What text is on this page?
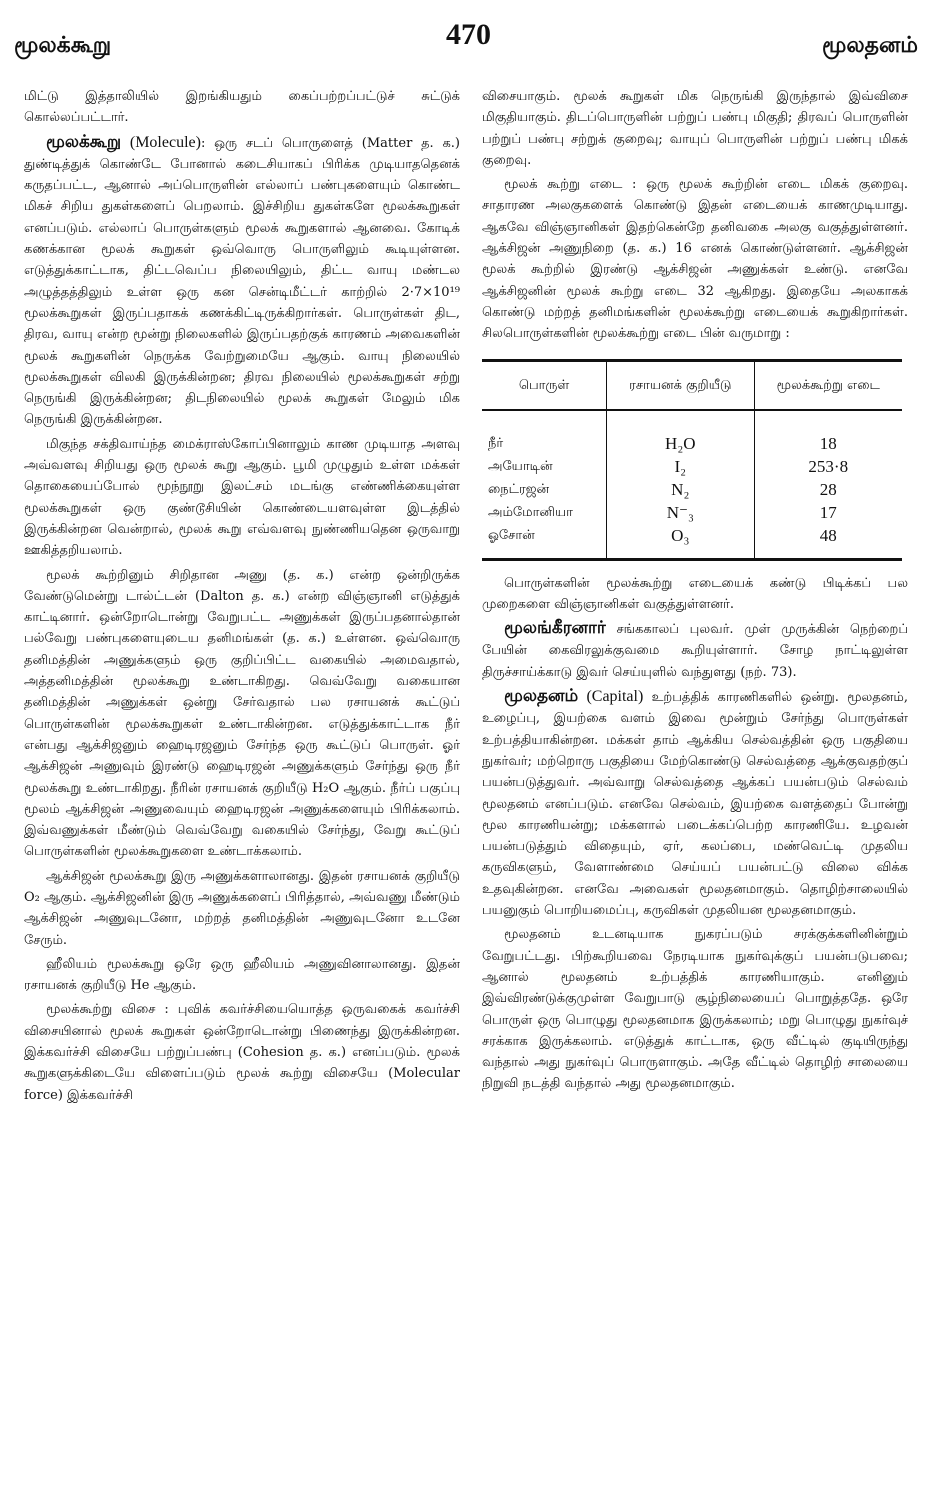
மூலக்கூறு	470	மூலதனம்

மிட்டு இத்தாலியில் இறங்கியதும் கைப்பற்றப்பட்டுச் சுட்டுக் கொல்லப்பட்டார்.

மூலக்கூறு (Molecule): ஒரு சடப் பொருளைத் (Matter த. க.) துண்டித்துக் கொண்டே போனால் கடைசியாகப் பிரிக்க முடியாததெனக் கருதப்பட்ட, ஆனால் அப்பொருளின் எல்லாப் பண்புகளையும் கொண்ட மிகச் சிறிய துகள்களைப் பெறலாம். இச்சிறிய துகள்களே மூலக்கூறுகள் எனப்படும். எல்லாப் பொருள்களும் மூலக் கூறுகளால் ஆனவை. கோடிக் கணக்கான மூலக் கூறுகள் ஒவ்வொரு பொருளிலும் கூடியுள்ளன. எடுத்துக்காட்டாக, திட்டவெப்ப நிலையிலும், திட்ட வாயு மண்டல அழுத்தத்திலும் உள்ள ஒரு கன சென்டிமீட்டர் காற்றில் 2·7×10¹⁹ மூலக்கூறுகள் இருப்பதாகக் கணக்கிட்டிருக்கிறார்கள். பொருள்கள் திட, திரவ, வாயு என்ற மூன்று நிலைகளில் இருப்பதற்குக் காரணம் அவைகளின் மூலக் கூறுகளின் நெருக்க வேற்றுமையே ஆகும். வாயு நிலையில் மூலக்கூறுகள் விலகி இருக்கின்றன; திரவ நிலையில் மூலக்கூறுகள் சற்று நெருங்கி இருக்கின்றன; திடநிலையில் மூலக் கூறுகள் மேலும் மிக நெருங்கி இருக்கின்றன.

மிகுந்த சக்திவாய்ந்த மைக்ராஸ்கோப்பினாலும் காண முடியாத அளவு அவ்வளவு சிறியது ஒரு மூலக் கூறு ஆகும். பூமி முழுதும் உள்ள மக்கள் தொகையைப்போல் மூந்நூறு இலட்சம் மடங்கு எண்ணிக்கையுள்ள மூலக்கூறுகள் ஒரு குண்டூசியின் கொண்டையளவுள்ள இடத்தில் இருக்கின்றன வென்றால், மூலக் கூறு எவ்வளவு நுண்ணியதென ஒருவாறு ஊகித்தறியலாம்.

மூலக் கூற்றினும் சிறிதான அணு (த. க.) என்ற ஒன்றிருக்க வேண்டுமென்று டால்ட்டன் (Dalton த. க.) என்ற விஞ்ஞானி எடுத்துக் காட்டினார். ஒன்றோடொன்று வேறுபட்ட அணுக்கள் இருப்பதனால்தான் பல்வேறு பண்புகளையுடைய தனிமங்கள் (த. க.) உள்ளன. ஒவ்வொரு தனிமத்தின் அணுக்களும் ஒரு குறிப்பிட்ட வகையில் அமைவதால், அத்தனிமத்தின் மூலக்கூறு உண்டாகிறது. வெவ்வேறு வகையான தனிமத்தின் அணுக்கள் ஒன்று சேர்வதால் பல ரசாயனக் கூட்டுப் பொருள்களின் மூலக்கூறுகள் உண்டாகின்றன. எடுத்துக்காட்டாக நீர் என்பது ஆக்சிஜனும் ஹைடிரஜனும் சேர்ந்த ஒரு கூட்டுப் பொருள். ஓர் ஆக்சிஜன் அணுவும் இரண்டு ஹைடிரஜன் அணுக்களும் சேர்ந்து ஒரு நீர் மூலக்கூறு உண்டாகிறது. நீரின் ரசாயனக் குறியீடு H₂O ஆகும். நீர்ப் பகுப்பு மூலம் ஆக்சிஜன் அணுவையும் ஹைடிரஜன் அணுக்களையும் பிரிக்கலாம். இவ்வணுக்கள் மீண்டும் வெவ்வேறு வகையில் சேர்ந்து, வேறு கூட்டுப் பொருள்களின் மூலக்கூறுகளை உண்டாக்கலாம்.

ஆக்சிஜன் மூலக்கூறு இரு அணுக்களாலானது. இதன் ரசாயனக் குறியீடு O₂ ஆகும். ஆக்சிஜனின் இரு அணுக்களைப் பிரித்தால், அவ்வணு மீண்டும் ஆக்சிஜன் அணுவுடனோ, மற்றத் தனிமத்தின் அணுவுடனோ உடனே சேரும்.

ஹீலியம் மூலக்கூறு ஒரே ஒரு ஹீலியம் அணுவினாலானது. இதன் ரசாயனக் குறியீடு He ஆகும்.

மூலக்கூற்று விசை : புவிக் கவர்ச்சியையொத்த ஒருவகைக் கவர்ச்சி விசையினால் மூலக் கூறுகள் ஒன்றோடொன்று பிணைந்து இருக்கின்றன. இக்கவர்ச்சி விசையே பற்றுப்பண்பு (Cohesion த. க.) எனப்படும். மூலக் கூறுகளுக்கிடையே விளைப்படும் மூலக் கூற்று விசையே (Molecular force) இக்கவர்ச்சி

விசையாகும். மூலக் கூறுகள் மிக நெருங்கி இருந்தால் இவ்விசை மிகுதியாகும். திடப்பொருளின் பற்றுப் பண்பு மிகுதி; திரவப் பொருளின் பற்றுப் பண்பு சற்றுக் குறைவு; வாயுப் பொருளின் பற்றுப் பண்பு மிகக் குறைவு.

மூலக் கூற்று எடை : ஒரு மூலக் கூற்றின் எடை மிகக் குறைவு. சாதாரண அலகுகளைக் கொண்டு இதன் எடையைக் காணமுடியாது. ஆகவே விஞ்ஞானிகள் இதற்கென்றே தனிவகை அலகு வகுத்துள்ளனர். ஆக்சிஜன் அணுநிறை (த. க.) 16 எனக் கொண்டுள்ளனர். ஆக்சிஜன் மூலக் கூற்றில் இரண்டு ஆக்சிஜன் அணுக்கள் உண்டு. எனவே ஆக்சிஜனின் மூலக் கூற்று எடை 32 ஆகிறது. இதையே அலகாகக் கொண்டு மற்றத் தனிமங்களின் மூலக்கூற்று எடையைக் கூறுகிறார்கள். சிலபொருள்களின் மூலக்கூற்று எடை பின் வருமாறு :

பொருள்	ரசாயனக் குறியீடு	மூலக்கூற்று எடை
நீர்	H₂O	18
அயோடின்	I₂	253·8
நைட்ரஜன்	N₂	28
அம்மோனியா	N⁻₃	17
ஓசோன்	O₃	48

பொருள்களின் மூலக்கூற்று எடையைக் கண்டு பிடிக்கப் பல முறைகளை விஞ்ஞானிகள் வகுத்துள்ளனர்.

மூலங்கீரனார் சங்ககாலப் புலவர். முள் முருக்கின் நெற்றைப் பேயின் கைவிரலுக்குவமை கூறியுள்ளார். சோழ நாட்டிலுள்ள திருச்சாய்க்காடு இவர் செய்யுளில் வந்துளது (நற். 73).

மூலதனம் (Capital) உற்பத்திக் காரணிகளில் ஒன்று. மூலதனம், உழைப்பு, இயற்கை வளம் இவை மூன்றும் சேர்ந்து பொருள்கள் உற்பத்தியாகின்றன. மக்கள் தாம் ஆக்கிய செல்வத்தின் ஒரு பகுதியை நுகர்வர்; மற்றொரு பகுதியை மேற்கொண்டு செல்வத்தை ஆக்குவதற்குப் பயன்படுத்துவர். அவ்வாறு செல்வத்தை ஆக்கப் பயன்படும் செல்வம் மூலதனம் எனப்படும். எனவே செல்வம், இயற்கை வளத்தைப் போன்று மூல காரணியன்று; மக்களால் படைக்கப்பெற்ற காரணியே. உழவன் பயன்படுத்தும் விதையும், ஏர், கலப்பை, மண்வெட்டி முதலிய கருவிகளும், வேளாண்மை செய்யப் பயன்பட்டு விலை விக்க உதவுகின்றன. எனவே அவைகள் மூலதனமாகும். தொழிற்சாலையில் பயனுகும் பொறியமைப்பு, கருவிகள் முதலியன மூலதனமாகும்.

மூலதனம் உடனடியாக நுகரப்படும் சரக்குக்களினின்றும் வேறுபட்டது. பிற்கூறியவை நேரடியாக நுகர்வுக்குப் பயன்படுபவை; ஆனால் மூலதனம் உற்பத்திக் காரணியாகும். எனினும் இவ்விரண்டுக்குமுள்ள வேறுபாடு சூழ்நிலையைப் பொறுத்ததே. ஒரே பொருள் ஒரு பொழுது மூலதனமாக இருக்கலாம்; மறு பொழுது நுகர்வுச் சரக்காக இருக்கலாம். எடுத்துக் காட்டாக, ஒரு வீட்டில் குடியிருந்து வந்தால் அது நுகர்வுப் பொருளாகும். அதே வீட்டில் தொழிற் சாலையை நிறுவி நடத்தி வந்தால் அது மூலதனமாகும்.
